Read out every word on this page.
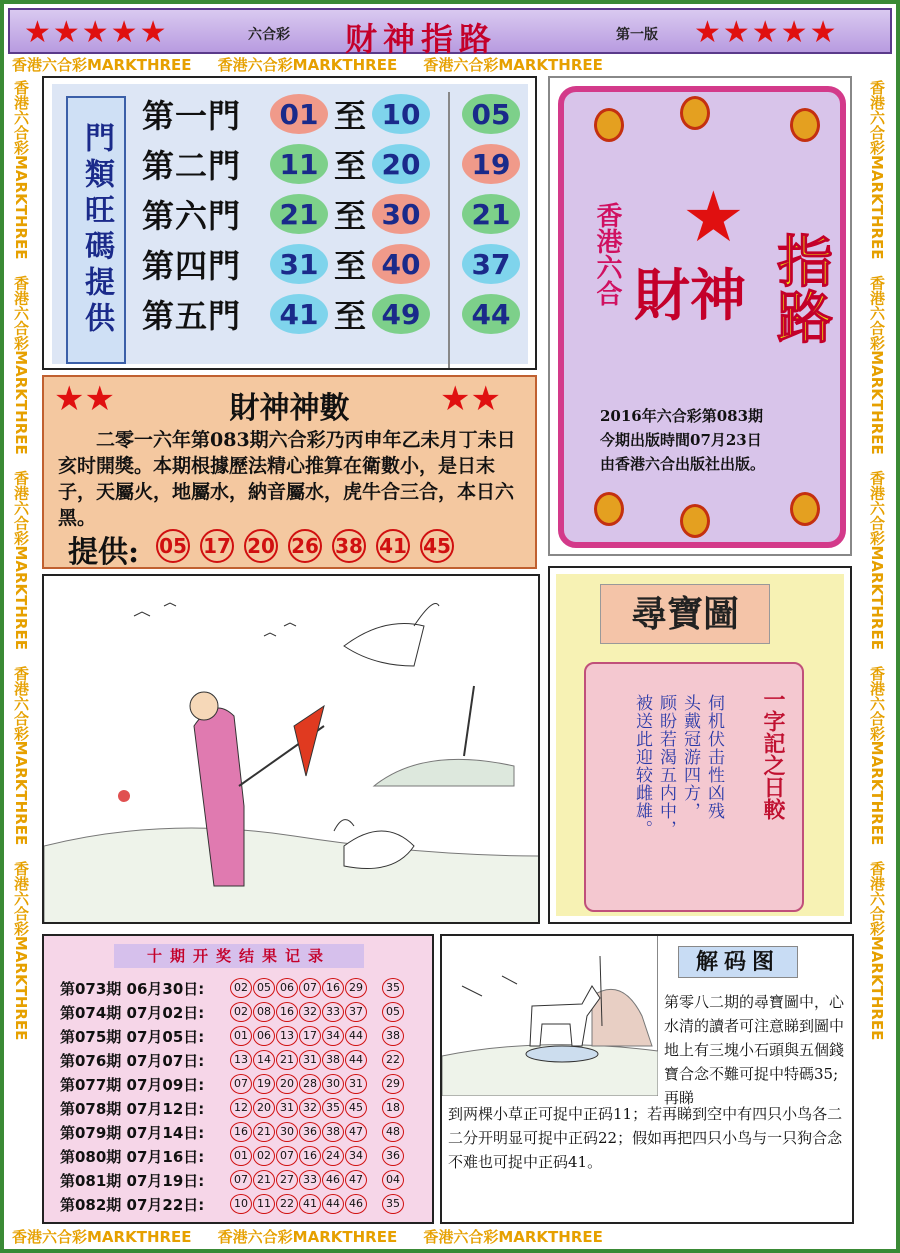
★★★★★	六合彩 财神指路	第一版 ★★★★★
香港六合彩MARKTHREE 香港六合彩MARKTHREE 香港六合彩MARKTHREE
香港六合彩MARKTHREE 香港六合彩MARKTHREE 香港六合彩MARKTHREE
香港六合彩MARKTHREE   香港六合彩MARKTHREE   香港六合彩MARKTHREE   香港六合彩MARKTHREE   香港六合彩MARKTHREE
香港六合彩MARKTHREE   香港六合彩MARKTHREE   香港六合彩MARKTHREE   香港六合彩MARKTHREE   香港六合彩MARKTHREE
門類旺碼提供
第一門	01 至 10	05
第二門	11 至 20	19
第六門	21 至 30	21
第四門	31 至 40	37
第五門	41 至 49	44
★
香港六合 財神 指路
2016年六合彩第083期
今期出版時間07月23日
由香港六合出版社出版。
★★	財神神數	★★
二零一六年第083期六合彩乃丙申年乙未月丁未日亥时開獎。本期根據歷法精心推算在衛數小，是日末子，天屬火，地屬水，納音屬水，虎牛合三合，本日六黑。
提供: 05 17 20 26 38 41 45
尋寶圖
伺机伏击性凶残
头戴冠游四方，
顾盼若渴五内中，
被送此迎较雌雄。	一字記之日較
十期开奖结果记录
第073期 06月30日:	02 05 06 07 16 29	35
第074期 07月02日:	02 08 16 32 33 37	05
第075期 07月05日:	01 06 13 17 34 44	38
第076期 07月07日:	13 14 21 31 38 44	22
第077期 07月09日:	07 19 20 28 30 31	29
第078期 07月12日:	12 20 31 32 35 45	18
第079期 07月14日:	16 21 30 36 38 47	48
第080期 07月16日:	01 02 07 16 24 34	36
第081期 07月19日:	07 21 27 33 46 47	04
第082期 07月22日:	10 11 22 41 44 46	35
解码图
第零八二期的尋寶圖中，心水清的讀者可注意睇到圖中地上有三塊小石頭與五個錢寶合念不難可捉中特碼35;再睇
到两棵小草正可捉中正码11；若再睇到空中有四只小鸟各二二分开明显可捉中正码22；假如再把四只小鸟与一只狗合念不难也可捉中正码41。
